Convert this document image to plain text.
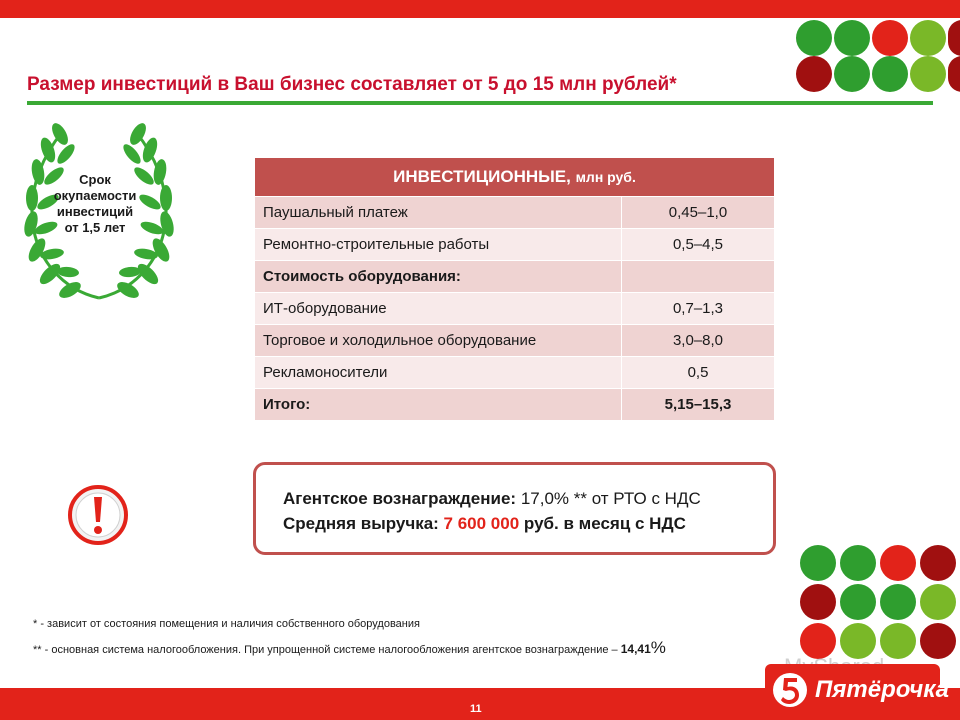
Размер инвестиций в Ваш бизнес составляет от 5 до 15 млн рублей*
Срок
окупаемости
инвестиций
от 1,5 лет
ИНВЕСТИЦИОННЫЕ, млн руб.	
Паушальный платеж	0,45–1,0
Ремонтно-строительные работы	0,5–4,5
Стоимость оборудования:	
ИТ-оборудование	0,7–1,3
Торговое и холодильное оборудование	3,0–8,0
Рекламоносители	0,5
Итого:	5,15–15,3
Агентское вознаграждение: 17,0% ** от РТО с НДС
Средняя выручка: 7 600 000 руб. в месяц с НДС
* - зависит от состояния помещения и наличия собственного оборудования
** - основная система налогообложения. При упрощенной системе налогообложения агентское вознаграждение – 14,41%
11
Пятёрочка
